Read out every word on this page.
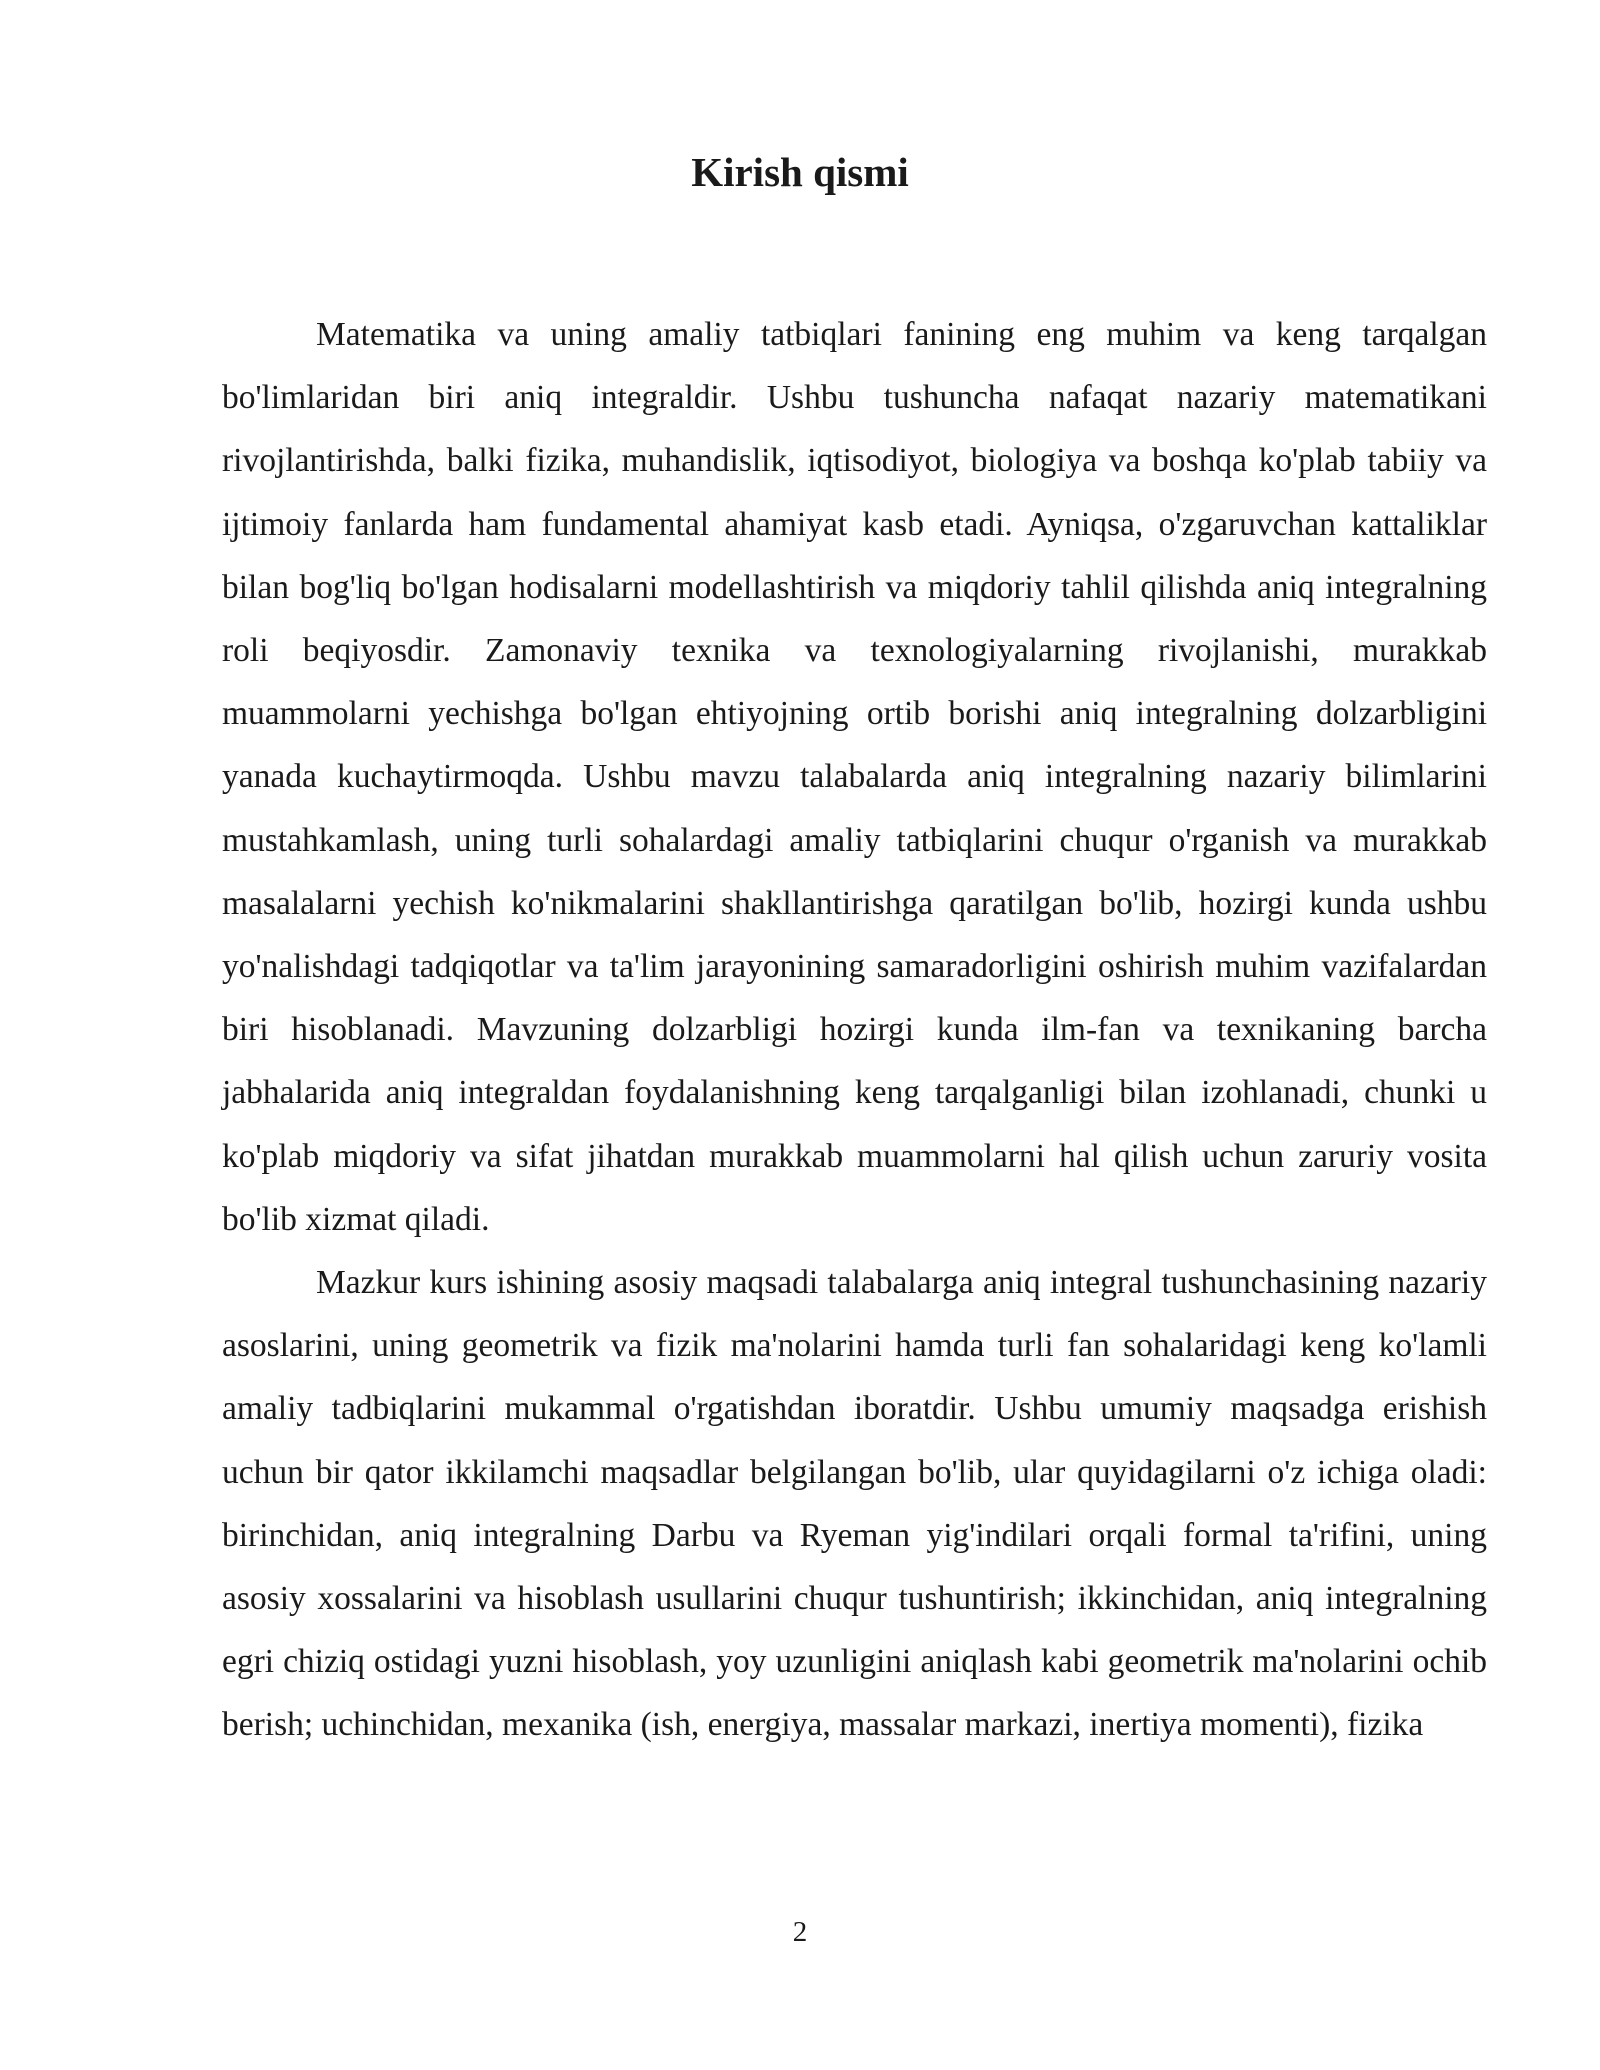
Kirish qismi

Matematika va uning amaliy tatbiqlari fanining eng muhim va keng tarqalgan bo'limlaridan biri aniq integraldir. Ushbu tushuncha nafaqat nazariy matematikani rivojlantirishda, balki fizika, muhandislik, iqtisodiyot, biologiya va boshqa ko'plab tabiiy va ijtimoiy fanlarda ham fundamental ahamiyat kasb etadi. Ayniqsa, o'zgaruvchan kattaliklar bilan bog'liq bo'lgan hodisalarni modellashtirish va miqdoriy tahlil qilishda aniq integralning roli beqiyosdir. Zamonaviy texnika va texnologiyalarning rivojlanishi, murakkab muammolarni yechishga bo'lgan ehtiyojning ortib borishi aniq integralning dolzarbligini yanada kuchaytirmoqda. Ushbu mavzu talabalarda aniq integralning nazariy bilimlarini mustahkamlash, uning turli sohalardagi amaliy tatbiqlarini chuqur o'rganish va murakkab masalalarni yechish ko'nikmalarini shakllantirishga qaratilgan bo'lib, hozirgi kunda ushbu yo'nalishdagi tadqiqotlar va ta'lim jarayonining samaradorligini oshirish muhim vazifalardan biri hisoblanadi. Mavzuning dolzarbligi hozirgi kunda ilm-fan va texnikaning barcha jabhalarida aniq integraldan foydalanishning keng tarqalganligi bilan izohlanadi, chunki u ko'plab miqdoriy va sifat jihatdan murakkab muammolarni hal qilish uchun zaruriy vosita bo'lib xizmat qiladi.

Mazkur kurs ishining asosiy maqsadi talabalarga aniq integral tushunchasining nazariy asoslarini, uning geometrik va fizik ma'nolarini hamda turli fan sohalaridagi keng ko'lamli amaliy tadbiqlarini mukammal o'rgatishdan iboratdir. Ushbu umumiy maqsadga erishish uchun bir qator ikkilamchi maqsadlar belgilangan bo'lib, ular quyidagilarni o'z ichiga oladi: birinchidan, aniq integralning Darbu va Ryeman yig'indilari orqali formal ta'rifini, uning asosiy xossalarini va hisoblash usullarini chuqur tushuntirish; ikkinchidan, aniq integralning egri chiziq ostidagi yuzni hisoblash, yoy uzunligini aniqlash kabi geometrik ma'nolarini ochib berish; uchinchidan, mexanika (ish, energiya, massalar markazi, inertiya momenti), fizika

2
